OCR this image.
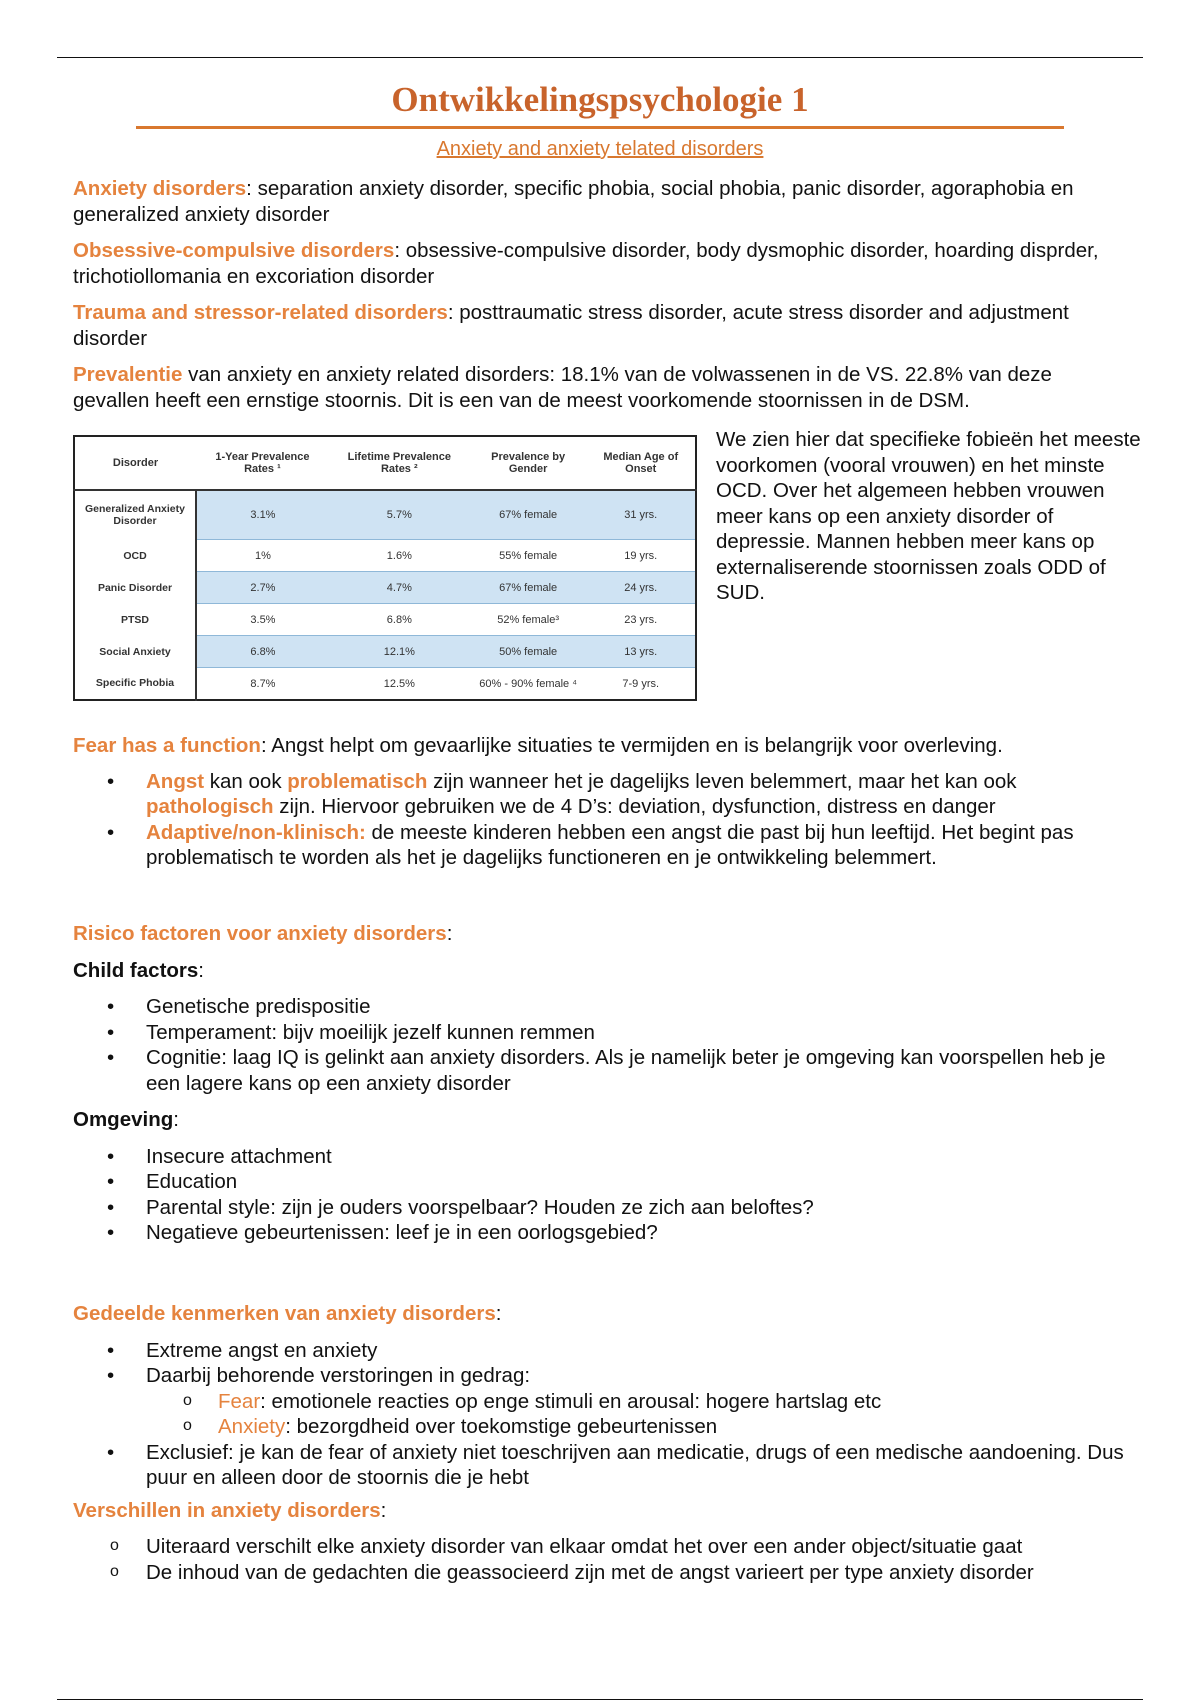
Ontwikkelingspsychologie 1
Anxiety and anxiety telated disorders

Anxiety disorders: separation anxiety disorder, specific phobia, social phobia, panic disorder, agoraphobia en generalized anxiety disorder

Obsessive-compulsive disorders: obsessive-compulsive disorder, body dysmophic disorder, hoarding disprder, trichotiollomania en excoriation disorder

Trauma and stressor-related disorders: posttraumatic stress disorder, acute stress disorder and adjustment disorder

Prevalentie van anxiety en anxiety related disorders: 18.1% van de volwassenen in de VS. 22.8% van deze gevallen heeft een ernstige stoornis. Dit is een van de meest voorkomende stoornissen in de DSM.

Disorder	1-Year Prevalence Rates ¹	Lifetime Prevalence Rates ²	Prevalence by Gender	Median Age of Onset
Generalized Anxiety Disorder	3.1%	5.7%	67% female	31 yrs.
OCD	1%	1.6%	55% female	19 yrs.
Panic Disorder	2.7%	4.7%	67% female	24 yrs.
PTSD	3.5%	6.8%	52% female³	23 yrs.
Social Anxiety	6.8%	12.1%	50% female	13 yrs.
Specific Phobia	8.7%	12.5%	60% - 90% female ⁴	7-9 yrs.
We zien hier dat specifieke fobieën het meeste voorkomen (vooral vrouwen) en het minste OCD. Over het algemeen hebben vrouwen meer kans op een anxiety disorder of depressie. Mannen hebben meer kans op externaliserende stoornissen zoals ODD of SUD.

Fear has a function: Angst helpt om gevaarlijke situaties te vermijden en is belangrijk voor overleving.

• Angst kan ook problematisch zijn wanneer het je dagelijks leven belemmert, maar het kan ook pathologisch zijn. Hiervoor gebruiken we de 4 D’s: deviation, dysfunction, distress en danger
• Adaptive/non-klinisch: de meeste kinderen hebben een angst die past bij hun leeftijd. Het begint pas problematisch te worden als het je dagelijks functioneren en je ontwikkeling belemmert.

Risico factoren voor anxiety disorders:

Child factors:

• Genetische predispositie
• Temperament: bijv moeilijk jezelf kunnen remmen
• Cognitie: laag IQ is gelinkt aan anxiety disorders. Als je namelijk beter je omgeving kan voorspellen heb je een lagere kans op een anxiety disorder

Omgeving:

• Insecure attachment
• Education
• Parental style: zijn je ouders voorspelbaar? Houden ze zich aan beloftes?
• Negatieve gebeurtenissen: leef je in een oorlogsgebied?

Gedeelde kenmerken van anxiety disorders:

• Extreme angst en anxiety
• Daarbij behorende verstoringen in gedrag:
o Fear: emotionele reacties op enge stimuli en arousal: hogere hartslag etc
o Anxiety: bezorgdheid over toekomstige gebeurtenissen
• Exclusief: je kan de fear of anxiety niet toeschrijven aan medicatie, drugs of een medische aandoening. Dus puur en alleen door de stoornis die je hebt

Verschillen in anxiety disorders:

o Uiteraard verschilt elke anxiety disorder van elkaar omdat het over een ander object/situatie gaat
o De inhoud van de gedachten die geassocieerd zijn met de angst varieert per type anxiety disorder
